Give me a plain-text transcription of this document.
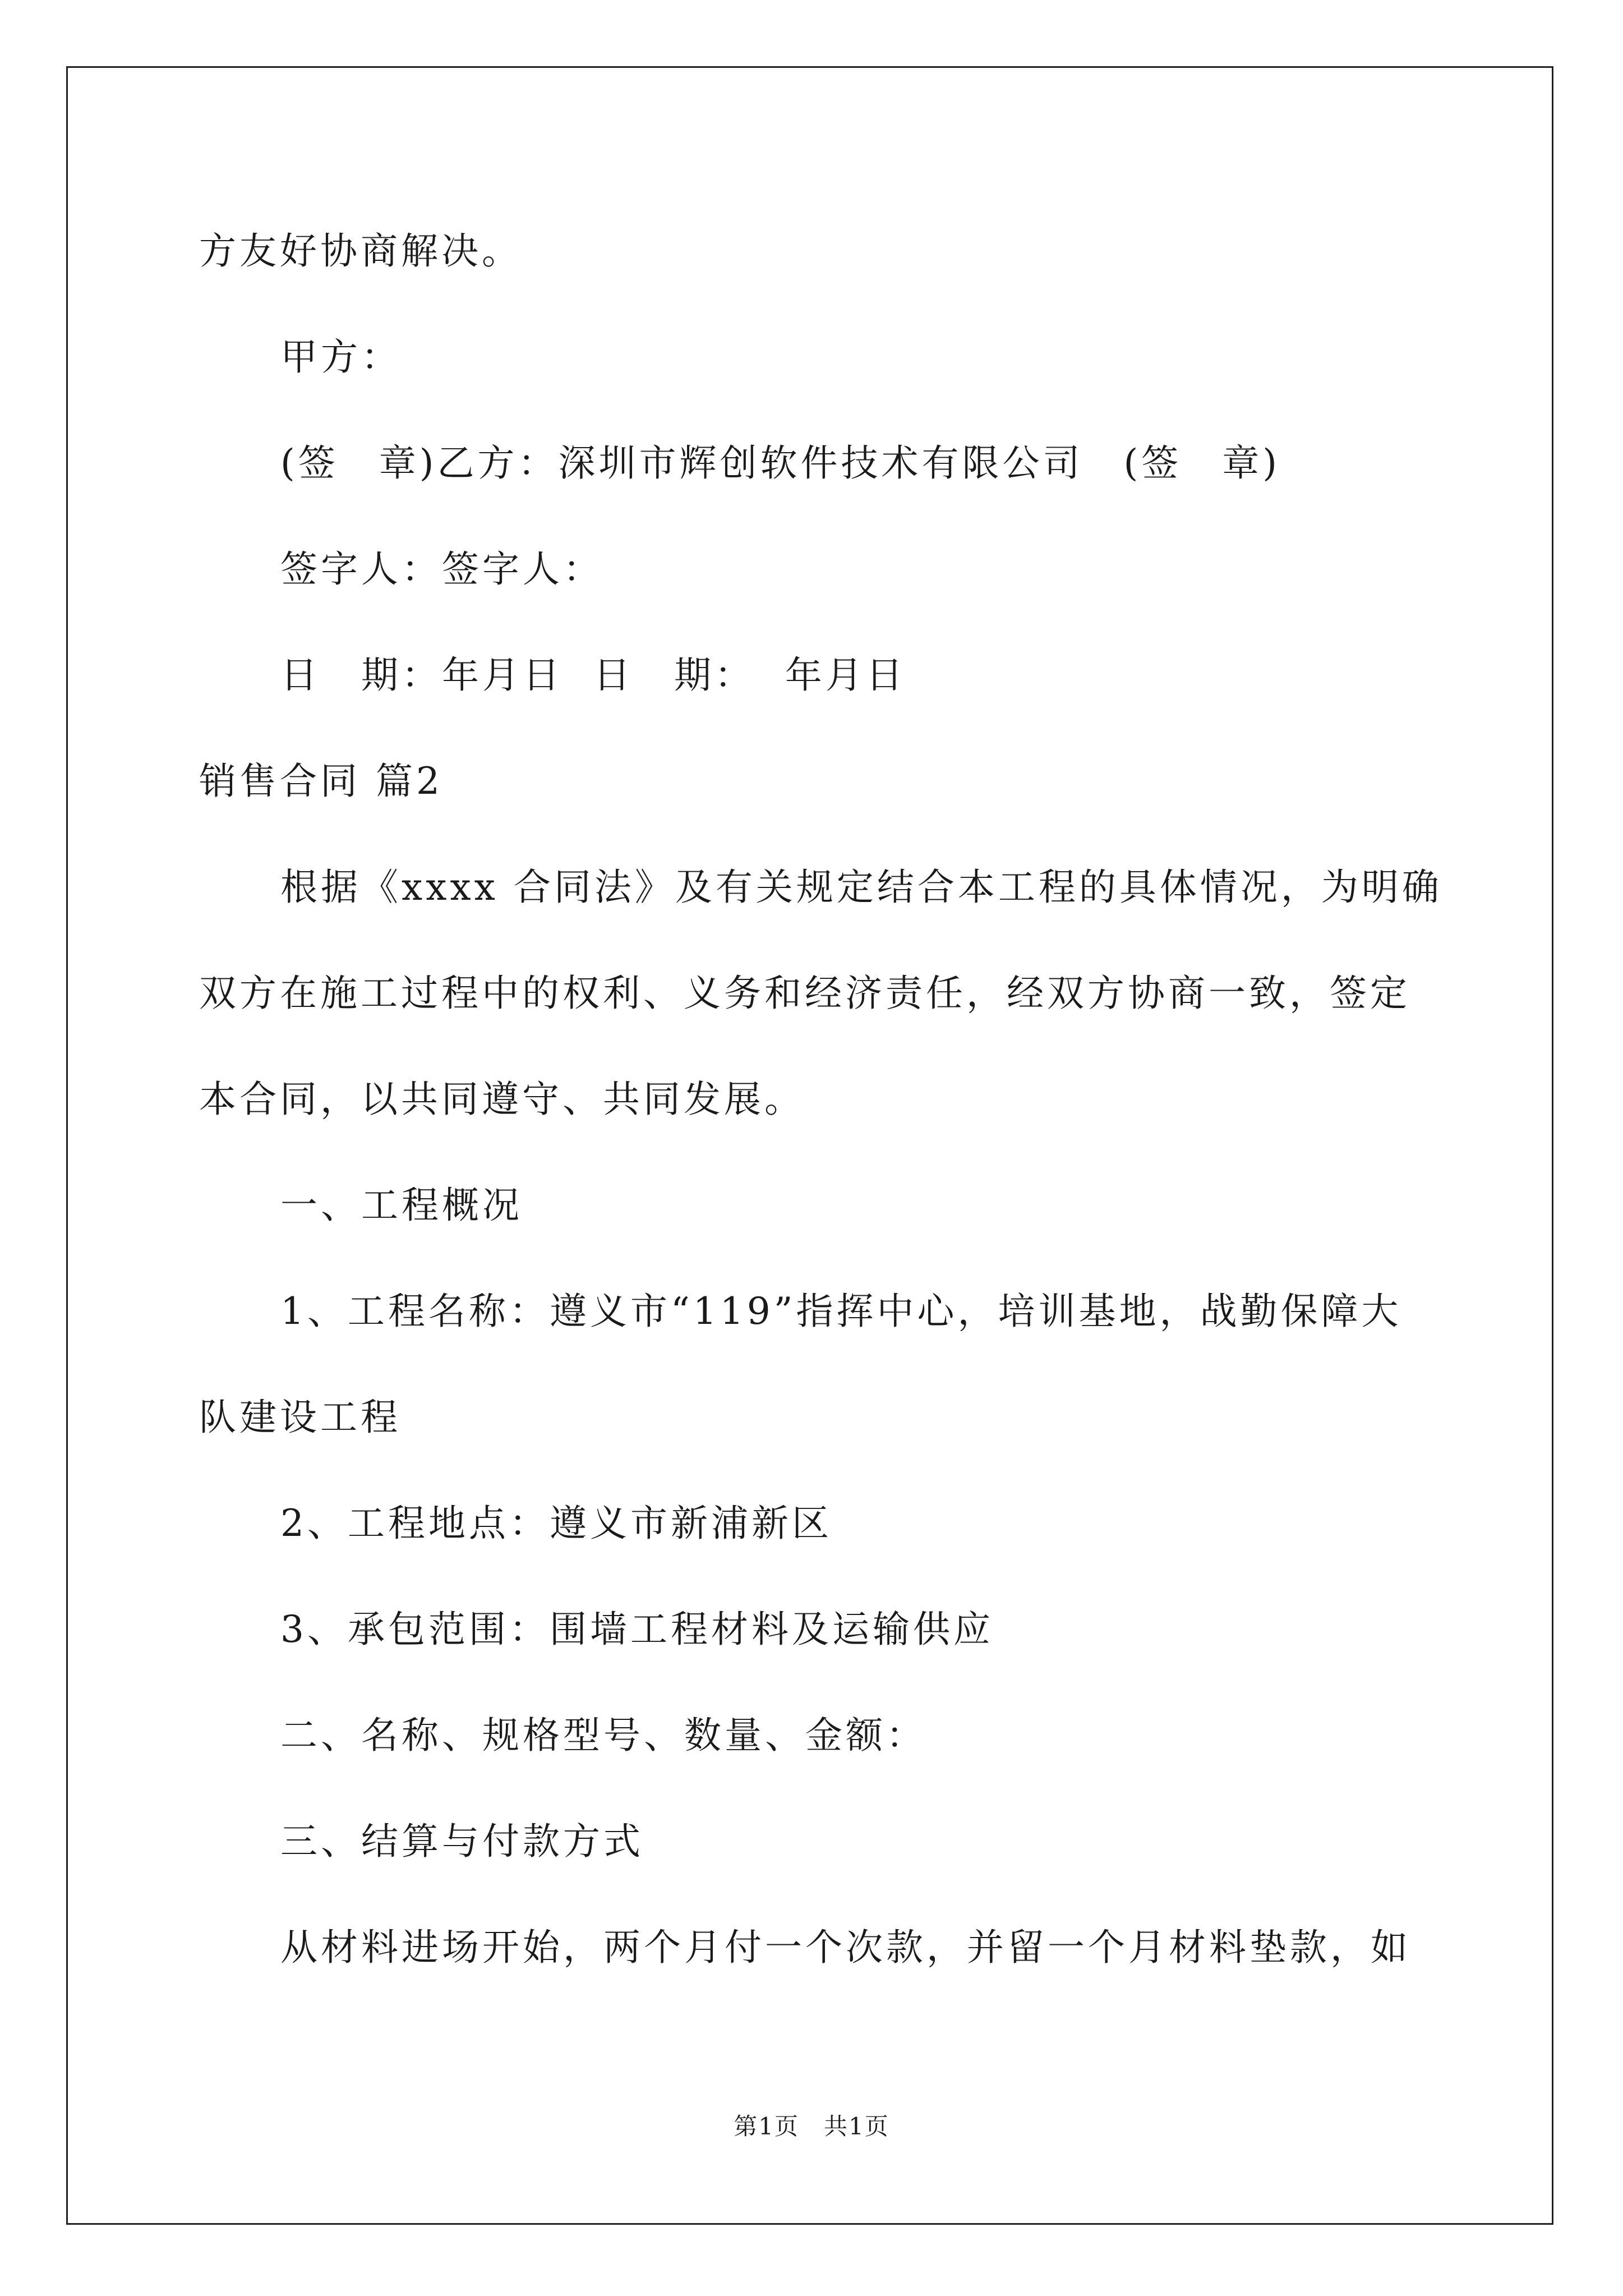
方友好协商解决。
甲方：
(签　章)乙方：深圳市辉创软件技术有限公司　(签　章)
签字人：签字人：
日　期：年月日  日　期：  年月日
销售合同 篇2
根据《xxxx 合同法》及有关规定结合本工程的具体情况，为明确
双方在施工过程中的权利、义务和经济责任，经双方协商一致，签定
本合同，以共同遵守、共同发展。
一、工程概况
1、工程名称：遵义市“119”指挥中心，培训基地，战勤保障大
队建设工程
2、工程地点：遵义市新浦新区
3、承包范围：围墙工程材料及运输供应
二、名称、规格型号、数量、金额：
三、结算与付款方式
从材料进场开始，两个月付一个次款，并留一个月材料垫款，如
第1页　共1页
